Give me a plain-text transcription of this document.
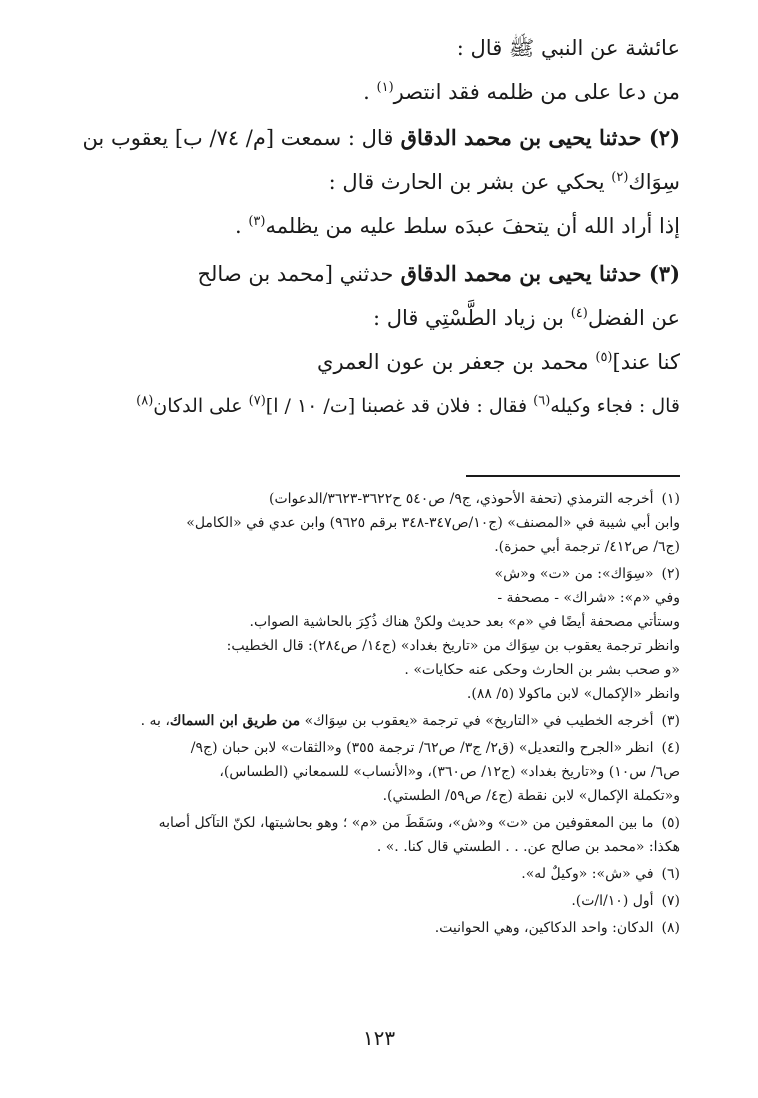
عائشة عن النبي ﷺ قال :
من دعا على من ظلمه فقد انتصر$^{(١)}$ .
(٢) حدثنا يحيى بن محمد الدقاق قال : سمعت [م/ ٧٤/ ب] يعقوب بن
سِوَاك$^{(٢)}$ يحكي عن بشر بن الحارث قال :
إذا أراد الله أن يتحفَ عبدَه سلط عليه من يظلمه$^{(٣)}$ .
(٣) حدثنا يحيى بن محمد الدقاق حدثني [محمد بن صالح
عن الفضل$^{(٤)}$ بن زياد الطَّسْتِي قال :
كنا عند]$^{(٥)}$ محمد بن جعفر بن عون العمري
قال : فجاء وكيله$^{(٦)}$ فقال : فلان قد غصبنا [ت/ ١٠ / ا]$^{(٧)}$ على الدكان$^{(٨)}$
(١) أخرجه الترمذي (تحفة الأحوذي، ج٩/ ص٥٤٠ ح٣٦٢٢-٣٦٢٣/الدعوات)
وابن أبي شيبة في «المصنف» (ج١٠/ص٣٤٧-٣٤٨ برقم ٩٦٢٥) وابن عدي في «الكامل»
(ج٦/ ص٤١٢/ ترجمة أبي حمزة).
(٢) «سِوَاك»: من «ت» و«ش»
وفي «م»: «شراك» - مصحفة -
وستأتي مصحفة أيضًا في «م» بعد حديث ولكنْ هناك ذُكِرَ بالحاشية الصواب.
وانظر ترجمة يعقوب بن سِوَاك من «تاريخ بغداد» (ج١٤/ ص٢٨٤): قال الخطيب:
«و صحب بشر بن الحارث وحكى عنه حكايات» .
وانظر «الإكمال» لابن ماكولا (٥/ ٨٨).
(٣) أخرجه الخطيب في «التاريخ» في ترجمة «يعقوب بن سِوَاك» من طريق ابن السماك، به .
(٤) انظر «الجرح والتعديل» (ق٢/ ج٣/ ص٦٢/ ترجمة ٣٥٥) و«الثقات» لابن حبان (ج٩/
ص٦/ س١٠) و«تاريخ بغداد» (ج١٢/ ص٣٦٠)، و«الأنساب» للسمعاني (الطساس)،
و«تكملة الإكمال» لابن نقطة (ج٤/ ص٥٩/ الطستي).
(٥) ما بين المعقوفين من «ت» و«ش»، وسَقَطَ من «م» ؛ وهو بحاشيتها، لكنّ التآكل أصابه
هكذا: «محمد بن صالح عن. . . الطستي قال كنا. .» .
(٦) في «ش»: «وكيلٌ له».
(٧) أول (١٠/ا/ت).
(٨) الدكان: واحد الدكاكين، وهي الحوانيت.
١٢٣
